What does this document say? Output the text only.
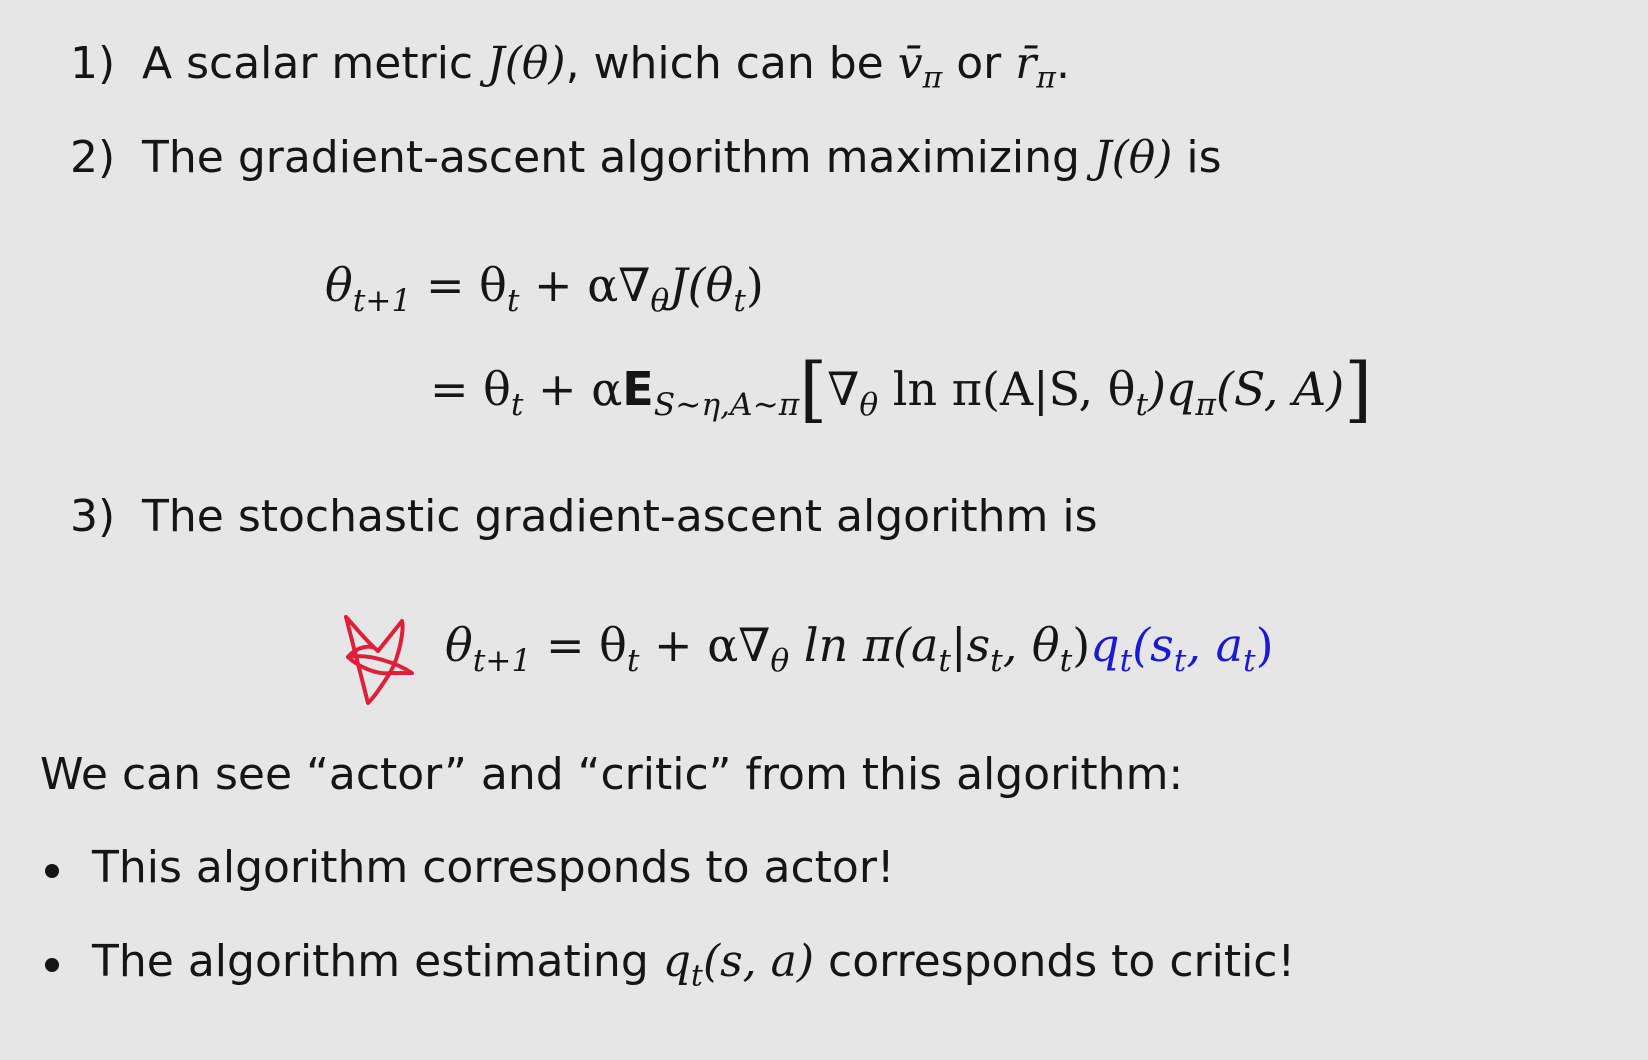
1) A scalar metric J(θ), which can be $v̄_\pi$ or $r̄_\pi$.
2) The gradient-ascent algorithm maximizing J(θ) is
$\theta_{t+1} = \theta_t + \alpha\nabla_\theta J(\theta_t)$
= $\theta_t + \alpha E_{S\sim\eta,A\sim\pi}[\nabla_\theta$ ln π(A|S, $\theta_t)q_\pi(S$, A)]
3) The stochastic gradient-ascent algorithm is
$\theta_{t+1} = \theta_t + \alpha\nabla_\theta$ $\ln \pi(a_t|s_t$, $\theta_t)q_t(s_t$, $a_t$)
We can see “actor” and “critic” from this algorithm:
This algorithm corresponds to actor!
The algorithm estimating $q_t(s$, a) corresponds to critic!
